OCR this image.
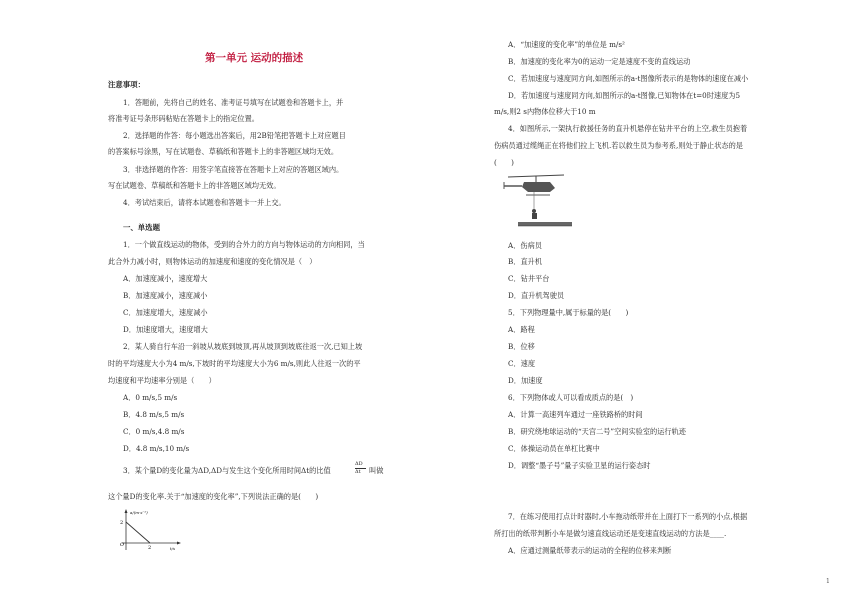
第一单元 运动的描述
注意事项：
1．答题前，先将自己的姓名、准考证号填写在试题卷和答题卡上，并
将准考证号条形码粘贴在答题卡上的指定位置。
2．选择题的作答：每小题选出答案后，用2B铅笔把答题卡上对应题目
的答案标号涂黑，写在试题卷、草稿纸和答题卡上的非答题区域均无效。
3．非选择题的作答：用签字笔直接答在答题卡上对应的答题区域内。
写在试题卷、草稿纸和答题卡上的非答题区域均无效。
4．考试结束后，请将本试题卷和答题卡一并上交。
一、单选题
1．一个做直线运动的物体，受到的合外力的方向与物体运动的方向相同，当
此合外力减小时，则物体运动的加速度和速度的变化情况是（　）
A．加速度减小，速度增大
B．加速度减小，速度减小
C．加速度增大，速度减小
D．加速度增大，速度增大
2．某人骑自行车沿一斜坡从坡底到坡顶,再从坡顶到坡底往返一次,已知上坡
时的平均速度大小为4 m/s,下坡时的平均速度大小为6 m/s,则此人往返一次的平
均速度和平均速率分别是（　　）
A．0 m/s,5 m/s
B．4.8 m/s,5 m/s
C．0 m/s,4.8 m/s
D．4.8 m/s,10 m/s
3．某个量D的变化量为ΔD,ΔD与发生这个变化所用时间Δt的比值
ΔD
Δt 叫做
这个量D的变化率.关于“加速度的变化率”,下列说法正确的是(　　)
a/(m·s⁻²)
2
O	2	t/s
A．“加速度的变化率”的单位是 m/s²
B．加速度的变化率为0的运动一定是速度不变的直线运动
C．若加速度与速度同方向,如图所示的a-t图像所表示的是物体的速度在减小
D．若加速度与速度同方向,如图所示的a-t图像,已知物体在t=0时速度为5
m/s,则2 s内物体位移大于10 m
4．如图所示,一架执行救援任务的直升机悬停在钻井平台的上空,救生员抱着
伤病员通过缆绳正在将他们拉上飞机.若以救生员为参考系,则处于静止状态的是
(　　)
A．伤病员
B．直升机
C．钻井平台
D．直升机驾驶员
5．下列物理量中,属于标量的是(　　)
A．路程
B．位移
C．速度
D．加速度
6．下列物体或人可以看成质点的是(　)
A．计算一高速列车通过一座铁路桥的时间
B．研究绕地球运动的“天宫二号”空间实验室的运行轨迹
C．体操运动员在单杠比赛中
D．调整“墨子号”量子实验卫星的运行姿态时
7．在练习使用打点计时器时,小车拖动纸带并在上面打下一系列的小点,根据
所打出的纸带判断小车是做匀速直线运动还是变速直线运动的方法是____.
A．应通过测量纸带表示的运动的全程的位移来判断
1
